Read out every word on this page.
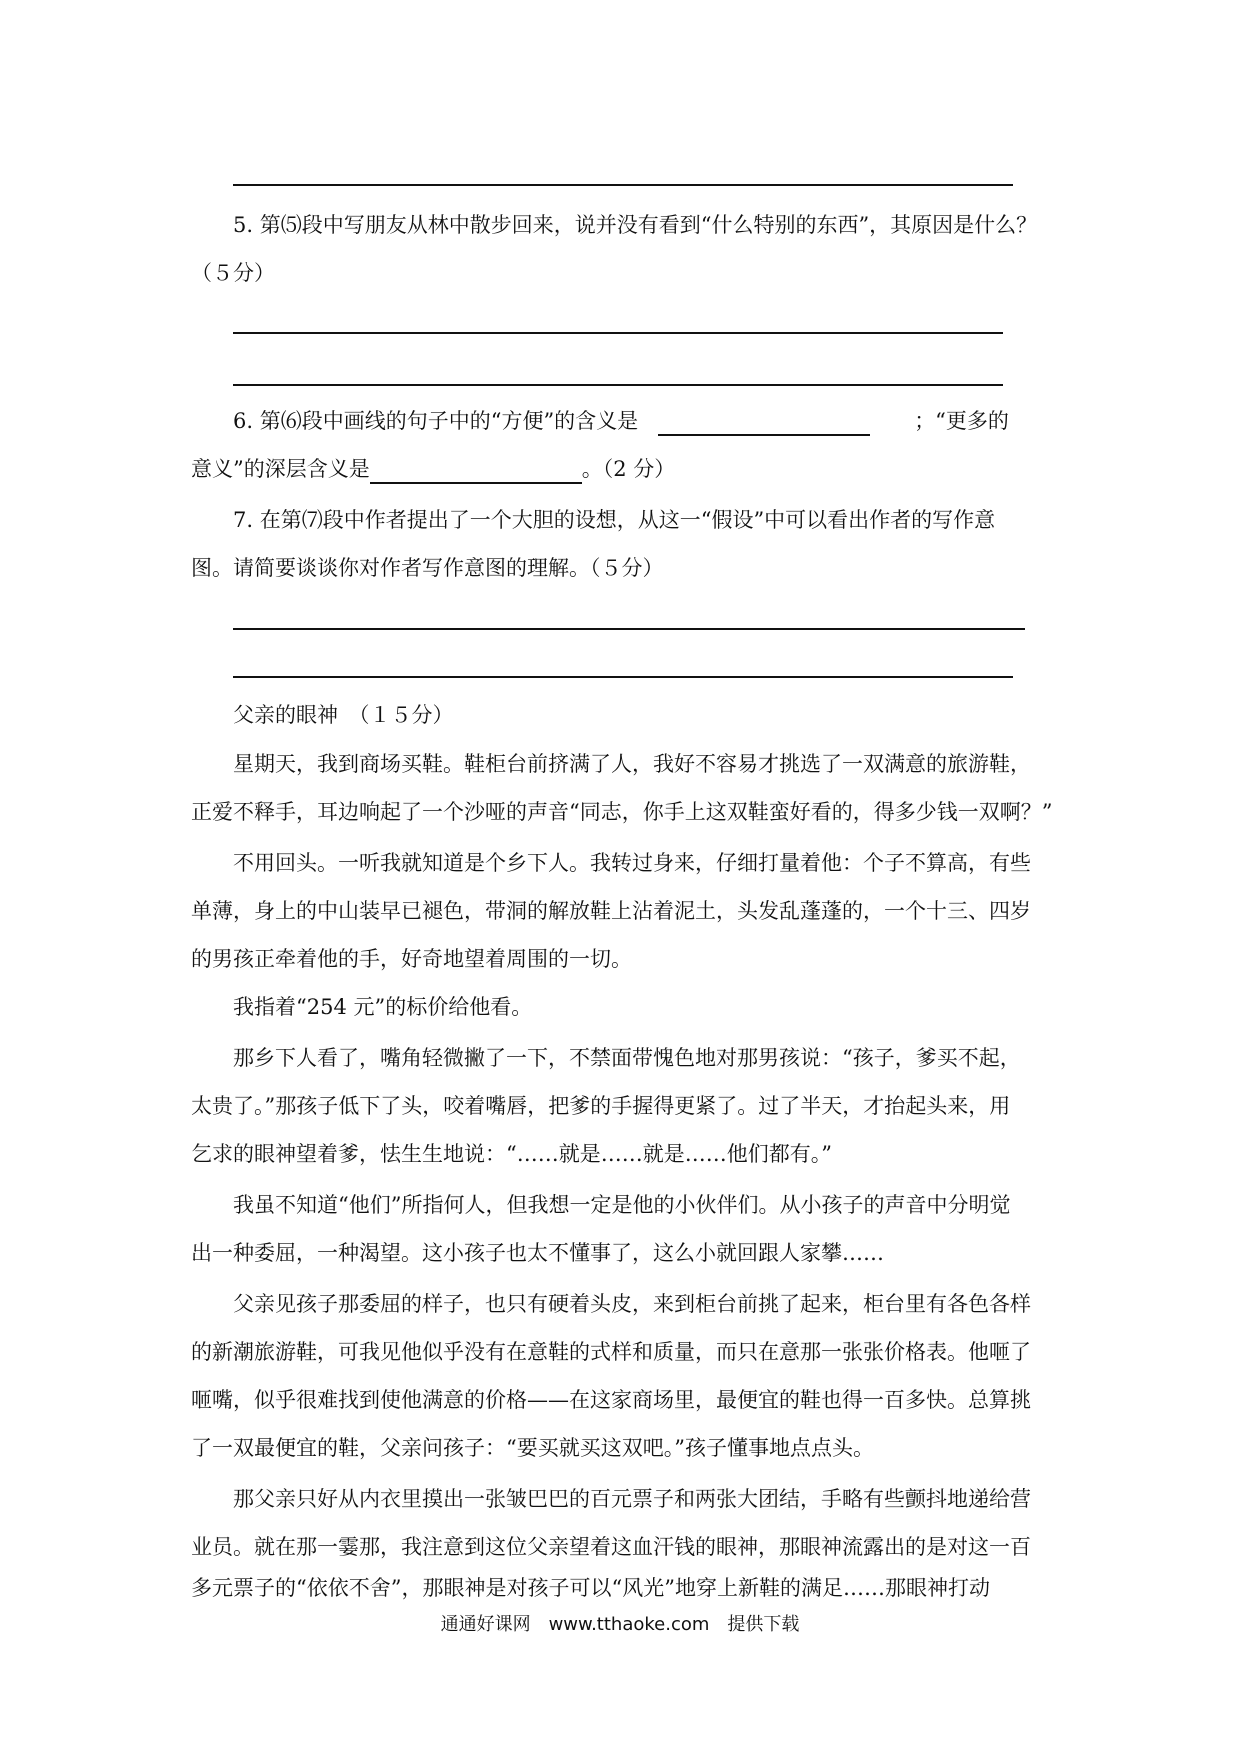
5. 第⑸段中写朋友从林中散步回来，说并没有看到“什么特别的东西”，其原因是什么？
（５分）
6. 第⑹段中画线的句子中的“方便”的含义是	；“更多的
意义”的深层含义是	。（2 分）
7. 在第⑺段中作者提出了一个大胆的设想，从这一“假设”中可以看出作者的写作意
图。请简要谈谈你对作者写作意图的理解。（５分）
父亲的眼神　（１５分）
星期天，我到商场买鞋。鞋柜台前挤满了人，我好不容易才挑选了一双满意的旅游鞋，
正爱不释手，耳边响起了一个沙哑的声音“同志，你手上这双鞋蛮好看的，得多少钱一双啊？”
不用回头。一听我就知道是个乡下人。我转过身来，仔细打量着他：个子不算高，有些
单薄，身上的中山装早已褪色，带洞的解放鞋上沾着泥土，头发乱蓬蓬的，一个十三、四岁
的男孩正牵着他的手，好奇地望着周围的一切。
我指着“254 元”的标价给他看。
那乡下人看了，嘴角轻微撇了一下，不禁面带愧色地对那男孩说：“孩子，爹买不起，
太贵了。”那孩子低下了头，咬着嘴唇，把爹的手握得更紧了。过了半天，才抬起头来，用
乞求的眼神望着爹，怯生生地说：“……就是……就是……他们都有。”
我虽不知道“他们”所指何人，但我想一定是他的小伙伴们。从小孩子的声音中分明觉
出一种委屈，一种渴望。这小孩子也太不懂事了，这么小就回跟人家攀……
父亲见孩子那委屈的样子，也只有硬着头皮，来到柜台前挑了起来，柜台里有各色各样
的新潮旅游鞋，可我见他似乎没有在意鞋的式样和质量，而只在意那一张张价格表。他咂了
咂嘴，似乎很难找到使他满意的价格——在这家商场里，最便宜的鞋也得一百多快。总算挑
了一双最便宜的鞋，父亲问孩子：“要买就买这双吧。”孩子懂事地点点头。
那父亲只好从内衣里摸出一张皱巴巴的百元票子和两张大团结，手略有些颤抖地递给营
业员。就在那一霎那，我注意到这位父亲望着这血汗钱的眼神，那眼神流露出的是对这一百
多元票子的“依依不舍”，那眼神是对孩子可以“风光”地穿上新鞋的满足……那眼神打动
通通好课网　www.tthaoke.com　提供下载
